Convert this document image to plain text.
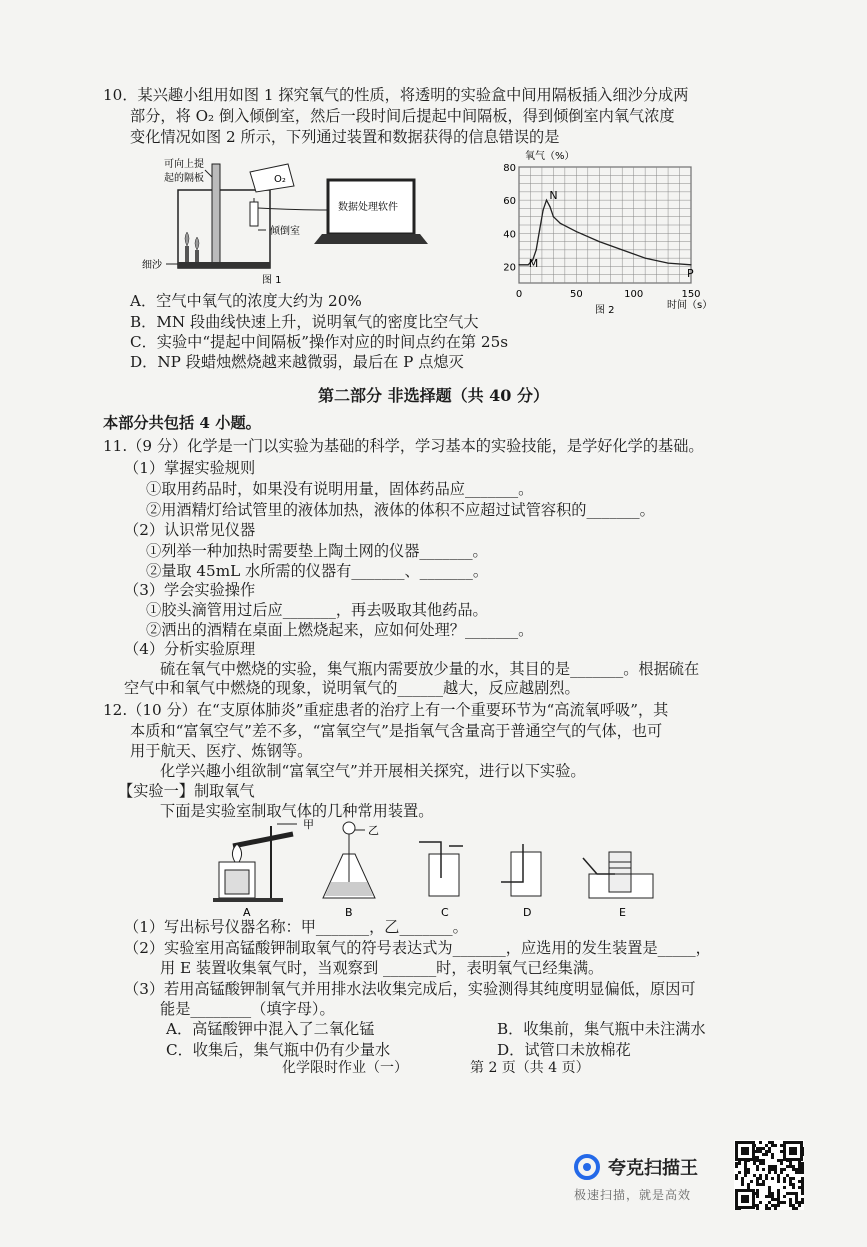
10．某兴趣小组用如图 1 探究氧气的性质，将透明的实验盒中间用隔板插入细沙分成两
部分，将 O₂ 倒入倾倒室，然后一段时间后提起中间隔板，得到倾倒室内氧气浓度
变化情况如图 2 所示，下列通过装置和数据获得的信息错误的是
可向上提
起的隔板	O₂
倾倒室
细沙
数据处理软件
图 1
0	50	100	150
20
40
60
80
M
N
P
氧气（%）
时间（s）
图 2
A．空气中氧气的浓度大约为 20%
B．MN 段曲线快速上升，说明氧气的密度比空气大
C．实验中“提起中间隔板”操作对应的时间点约在第 25s
D．NP 段蜡烛燃烧越来越微弱，最后在 P 点熄灭
第二部分 非选择题（共 40 分）
本部分共包括 4 小题。
11.（9 分）化学是一门以实验为基础的科学，学习基本的实验技能，是学好化学的基础。
（1）掌握实验规则
①取用药品时，如果没有说明用量，固体药品应_______。
②用酒精灯给试管里的液体加热，液体的体积不应超过试管容积的_______。
（2）认识常见仪器
①列举一种加热时需要垫上陶土网的仪器_______。
②量取 45mL 水所需的仪器有_______、_______。
（3）学会实验操作
①胶头滴管用过后应_______，再去吸取其他药品。
②洒出的酒精在桌面上燃烧起来，应如何处理？_______。
（4）分析实验原理
硫在氧气中燃烧的实验，集气瓶内需要放少量的水，其目的是_______。根据硫在
空气中和氧气中燃烧的现象，说明氧气的______越大，反应越剧烈。
12.（10 分）在“支原体肺炎”重症患者的治疗上有一个重要环节为“高流氧呼吸”，其
本质和“富氧空气”差不多，“富氧空气”是指氧气含量高于普通空气的气体，也可
用于航天、医疗、炼钢等。
化学兴趣小组欲制“富氧空气”并开展相关探究，进行以下实验。
【实验一】制取氧气
下面是实验室制取气体的几种常用装置。
甲	乙
A	B	C	D	E
（1）写出标号仪器名称：甲_______，乙_______。
（2）实验室用高锰酸钾制取氧气的符号表达式为_______，应选用的发生装置是_____，
用 E 装置收集氧气时，当观察到 _______时，表明氧气已经集满。
（3）若用高锰酸钾制氧气并用排水法收集完成后，实验测得其纯度明显偏低，原因可
能是________（填字母）。
A．高锰酸钾中混入了二氧化锰	B．收集前，集气瓶中未注满水
C．收集后，集气瓶中仍有少量水	D．试管口未放棉花
化学限时作业（一）	第 2 页（共 4 页）
夸克扫描王
极速扫描，就是高效
